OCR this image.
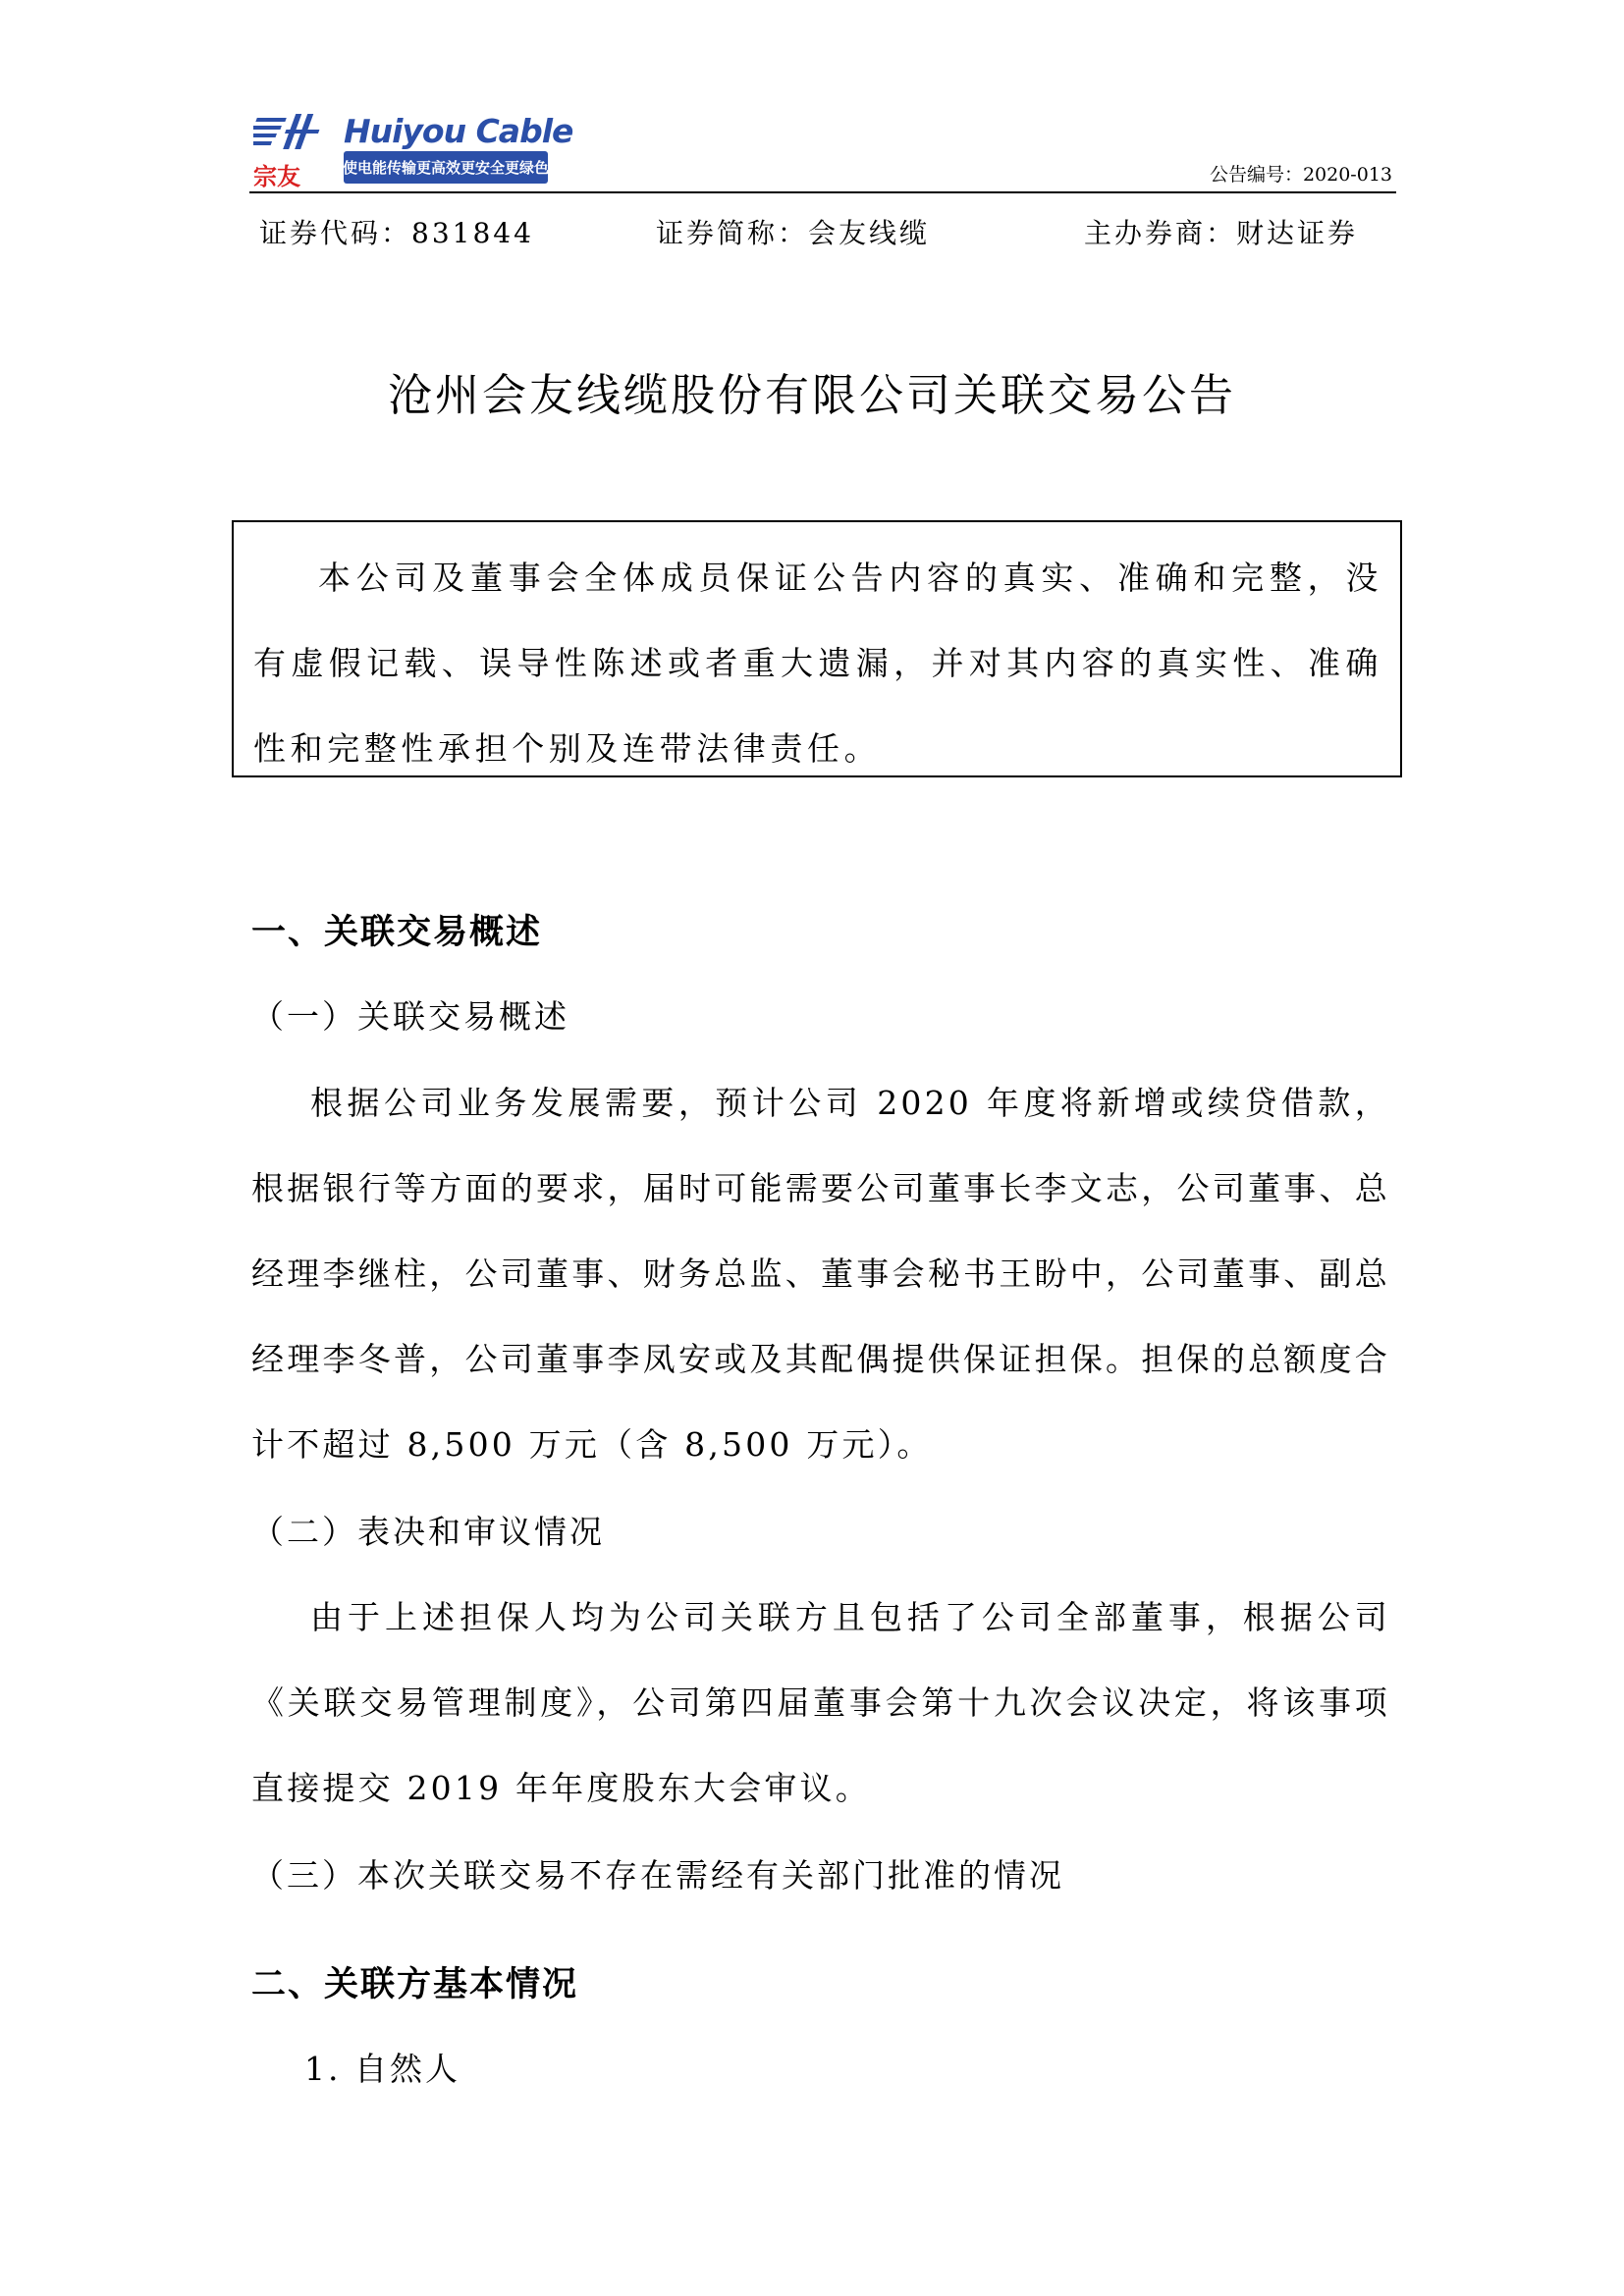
Huiyou Cable
宗友	使电能传输更高效更安全更绿色	公告编号：2020-013
证券代码：831844	证券简称：会友线缆	主办券商：财达证券
沧州会友线缆股份有限公司关联交易公告

本公司及董事会全体成员保证公告内容的真实、准确和完整，没有虚假记载、误导性陈述或者重大遗漏，并对其内容的真实性、准确性和完整性承担个别及连带法律责任。

一、关联交易概述
（一）关联交易概述

根据公司业务发展需要，预计公司 2020 年度将新增或续贷借款，根据银行等方面的要求，届时可能需要公司董事长李文志，公司董事、总经理李继柱，公司董事、财务总监、董事会秘书王盼中，公司董事、副总经理李冬普，公司董事李凤安或及其配偶提供保证担保。担保的总额度合计不超过 8,500 万元（含 8,500 万元）。

（二）表决和审议情况

由于上述担保人均为公司关联方且包括了公司全部董事，根据公司《关联交易管理制度》，公司第四届董事会第十九次会议决定，将该事项直接提交 2019 年年度股东大会审议。

（三）本次关联交易不存在需经有关部门批准的情况
二、关联方基本情况
1. 自然人
